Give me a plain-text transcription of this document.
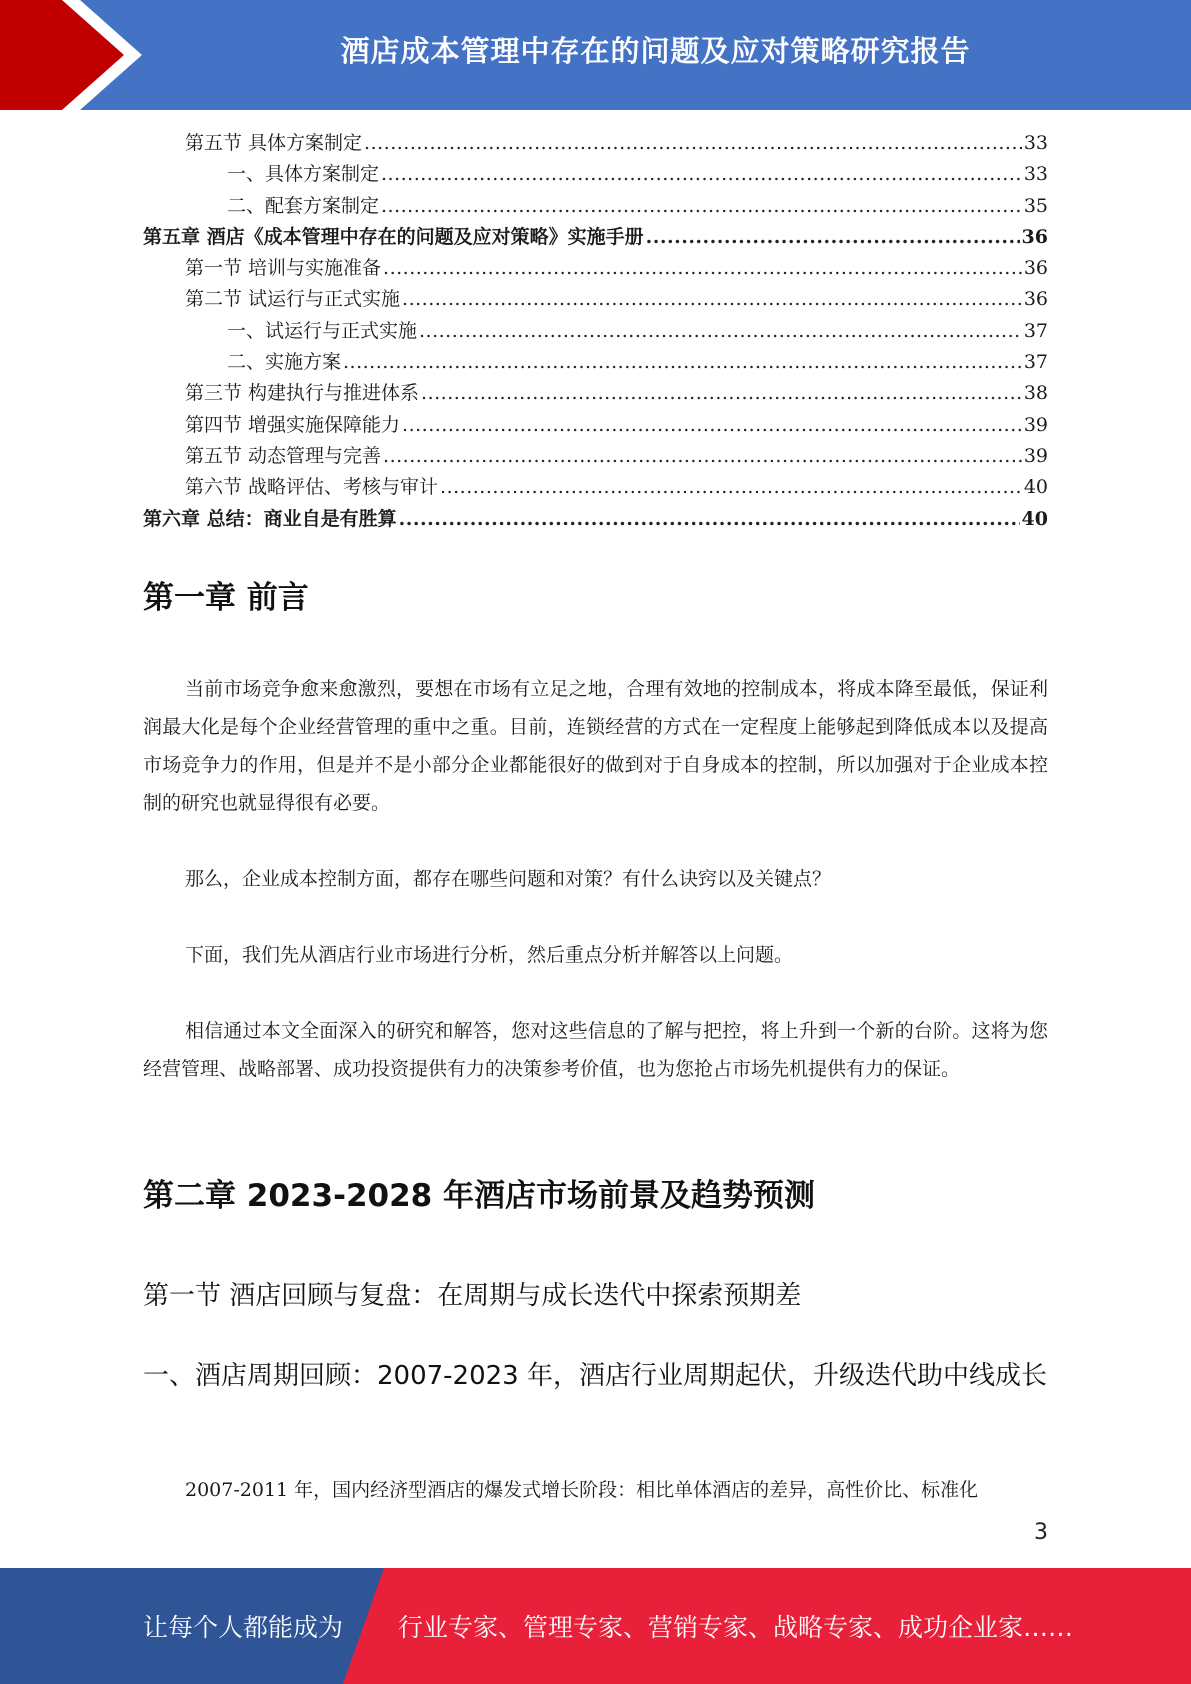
酒店成本管理中存在的问题及应对策略研究报告
第五节 具体方案制定 .....	33
一、具体方案制定 .....	33
二、配套方案制定 .....	35
第五章 酒店《成本管理中存在的问题及应对策略》实施手册 .....	36
第一节 培训与实施准备 .....	36
第二节 试运行与正式实施 .....	36
一、试运行与正式实施 .....	37
二、实施方案 .....	37
第三节 构建执行与推进体系 .....	38
第四节 增强实施保障能力 .....	39
第五节 动态管理与完善 .....	39
第六节 战略评估、考核与审计 .....	40
第六章 总结：商业自是有胜算 .....	40
第一章 前言
当前市场竞争愈来愈激烈，要想在市场有立足之地，合理有效地的控制成本，将成本降至最低，保证利润最大化是每个企业经营管理的重中之重。目前，连锁经营的方式在一定程度上能够起到降低成本以及提高市场竞争力的作用，但是并不是小部分企业都能很好的做到对于自身成本的控制，所以加强对于企业成本控制的研究也就显得很有必要。
那么，企业成本控制方面，都存在哪些问题和对策？有什么诀窍以及关键点？
下面，我们先从酒店行业市场进行分析，然后重点分析并解答以上问题。
相信通过本文全面深入的研究和解答，您对这些信息的了解与把控，将上升到一个新的台阶。这将为您经营管理、战略部署、成功投资提供有力的决策参考价值，也为您抢占市场先机提供有力的保证。
第二章 2023-2028 年酒店市场前景及趋势预测
第一节 酒店回顾与复盘：在周期与成长迭代中探索预期差
一、酒店周期回顾：2007-2023 年，酒店行业周期起伏，升级迭代助中线成长
2007-2011 年，国内经济型酒店的爆发式增长阶段：相比单体酒店的差异，高性价比、标准化
3
让每个人都能成为 行业专家、管理专家、营销专家、战略专家、成功企业家……
